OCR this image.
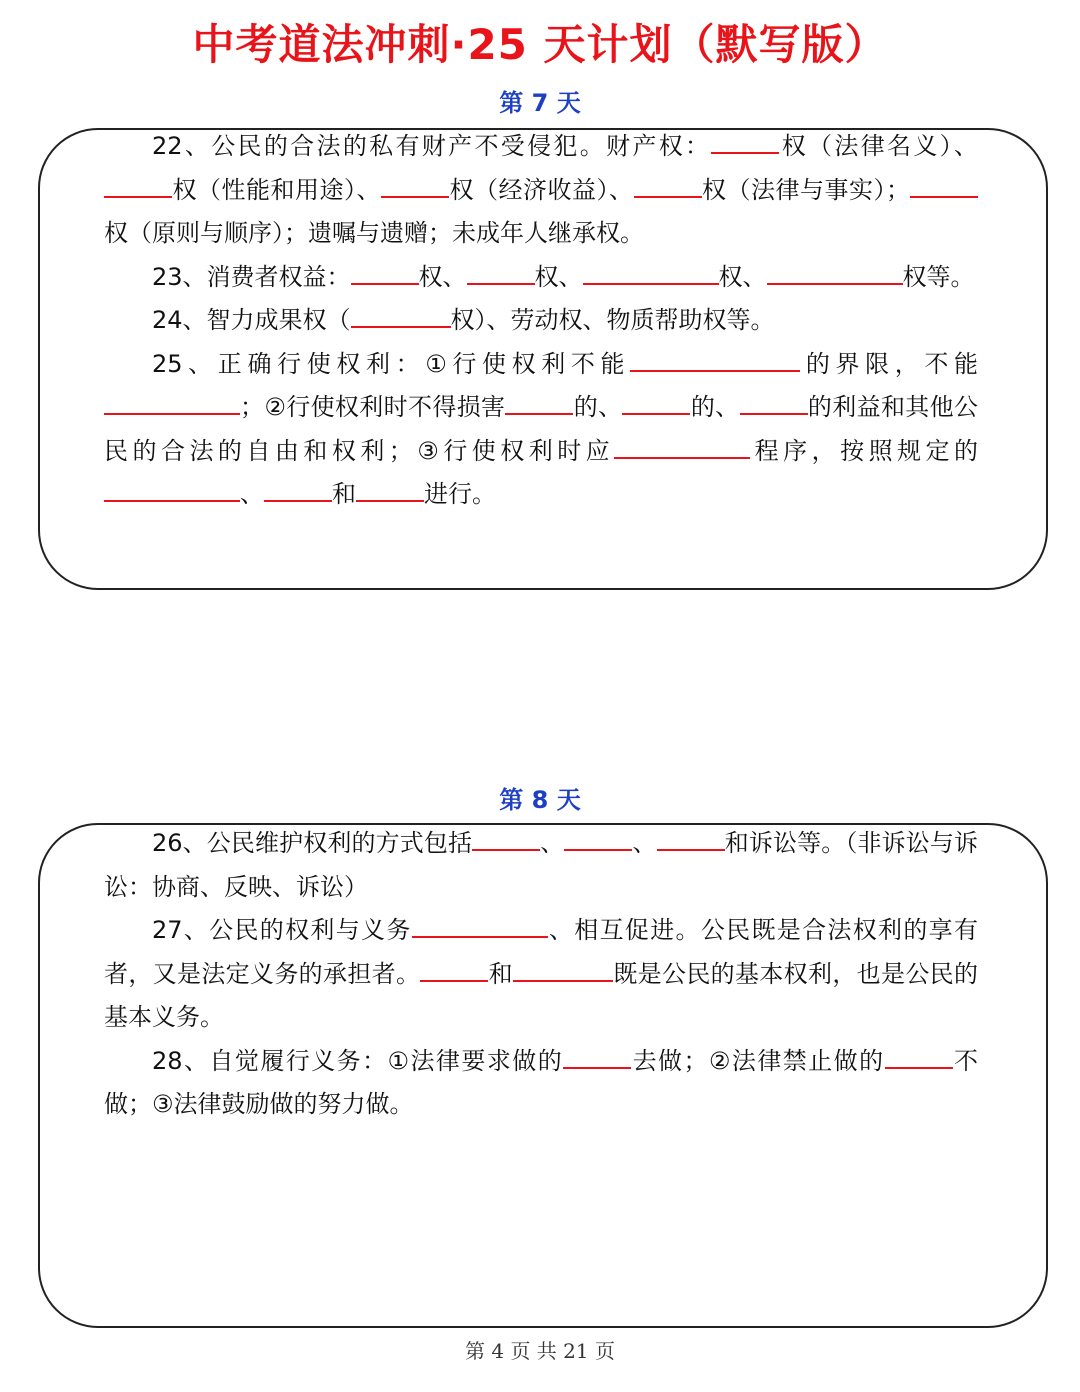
中考道法冲刺·25 天计划（默写版）
第 7 天

22、公民的合法的私有财产不受侵犯。财产权：	权（法律名义）、权（性能和用途）、	权（经济收益）、	权（法律与事实）；权（原则与顺序）；遗嘱与遗赠；未成年人继承权。

23、消费者权益：	权、	权、	权、	权等。

24、智力成果权（	权）、劳动权、物质帮助权等。

25、正确行使权利：①行使权利不能	的界限，不能；②行使权利时不得损害	的、	的、	的利益和其他公民的合法的自由和权利；③行使权利时应	程序，按照规定的、	和	进行。

第 8 天

26、公民维护权利的方式包括	、	、	和诉讼等。（非诉讼与诉讼：协商、反映、诉讼）

27、公民的权利与义务	、相互促进。公民既是合法权利的享有者，又是法定义务的承担者。	和	既是公民的基本权利，也是公民的基本义务。

28、自觉履行义务：①法律要求做的	去做；②法律禁止做的	不做；③法律鼓励做的努力做。

第 4 页 共 21 页
